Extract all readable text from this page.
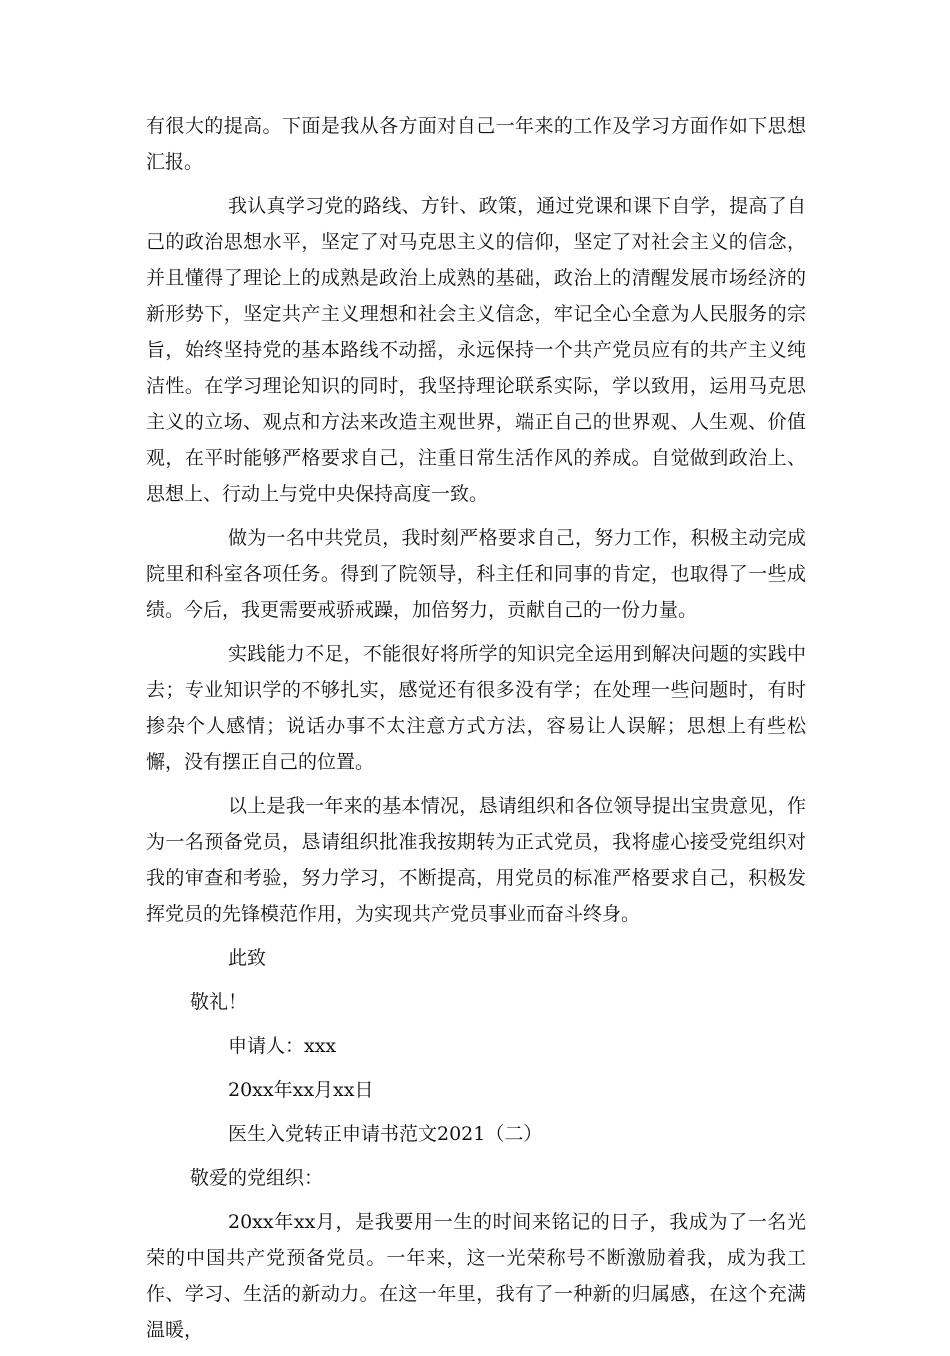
有很大的提高。下面是我从各方面对自己一年来的工作及学习方面作如下思想汇报。

我认真学习党的路线、方针、政策，通过党课和课下自学，提高了自己的政治思想水平，坚定了对马克思主义的信仰，坚定了对社会主义的信念，并且懂得了理论上的成熟是政治上成熟的基础，政治上的清醒发展市场经济的新形势下，坚定共产主义理想和社会主义信念，牢记全心全意为人民服务的宗旨，始终坚持党的基本路线不动摇，永远保持一个共产党员应有的共产主义纯洁性。在学习理论知识的同时，我坚持理论联系实际，学以致用，运用马克思主义的立场、观点和方法来改造主观世界，端正自己的世界观、人生观、价值观，在平时能够严格要求自己，注重日常生活作风的养成。自觉做到政治上、思想上、行动上与党中央保持高度一致。

做为一名中共党员，我时刻严格要求自己，努力工作，积极主动完成院里和科室各项任务。得到了院领导，科主任和同事的肯定，也取得了一些成绩。今后，我更需要戒骄戒躁，加倍努力，贡献自己的一份力量。

实践能力不足，不能很好将所学的知识完全运用到解决问题的实践中去；专业知识学的不够扎实，感觉还有很多没有学；在处理一些问题时，有时掺杂个人感情；说话办事不太注意方式方法，容易让人误解；思想上有些松懈，没有摆正自己的位置。

以上是我一年来的基本情况，恳请组织和各位领导提出宝贵意见，作为一名预备党员，恳请组织批准我按期转为正式党员，我将虚心接受党组织对我的审查和考验，努力学习，不断提高，用党员的标准严格要求自己，积极发挥党员的先锋模范作用，为实现共产党员事业而奋斗终身。

此致
敬礼！
申请人：xxx
20xx年xx月xx日
医生入党转正申请书范文2021（二）
敬爱的党组织：

20xx年xx月，是我要用一生的时间来铭记的日子，我成为了一名光荣的中国共产党预备党员。一年来，这一光荣称号不断激励着我，成为我工作、学习、生活的新动力。在这一年里，我有了一种新的归属感，在这个充满温暖，
